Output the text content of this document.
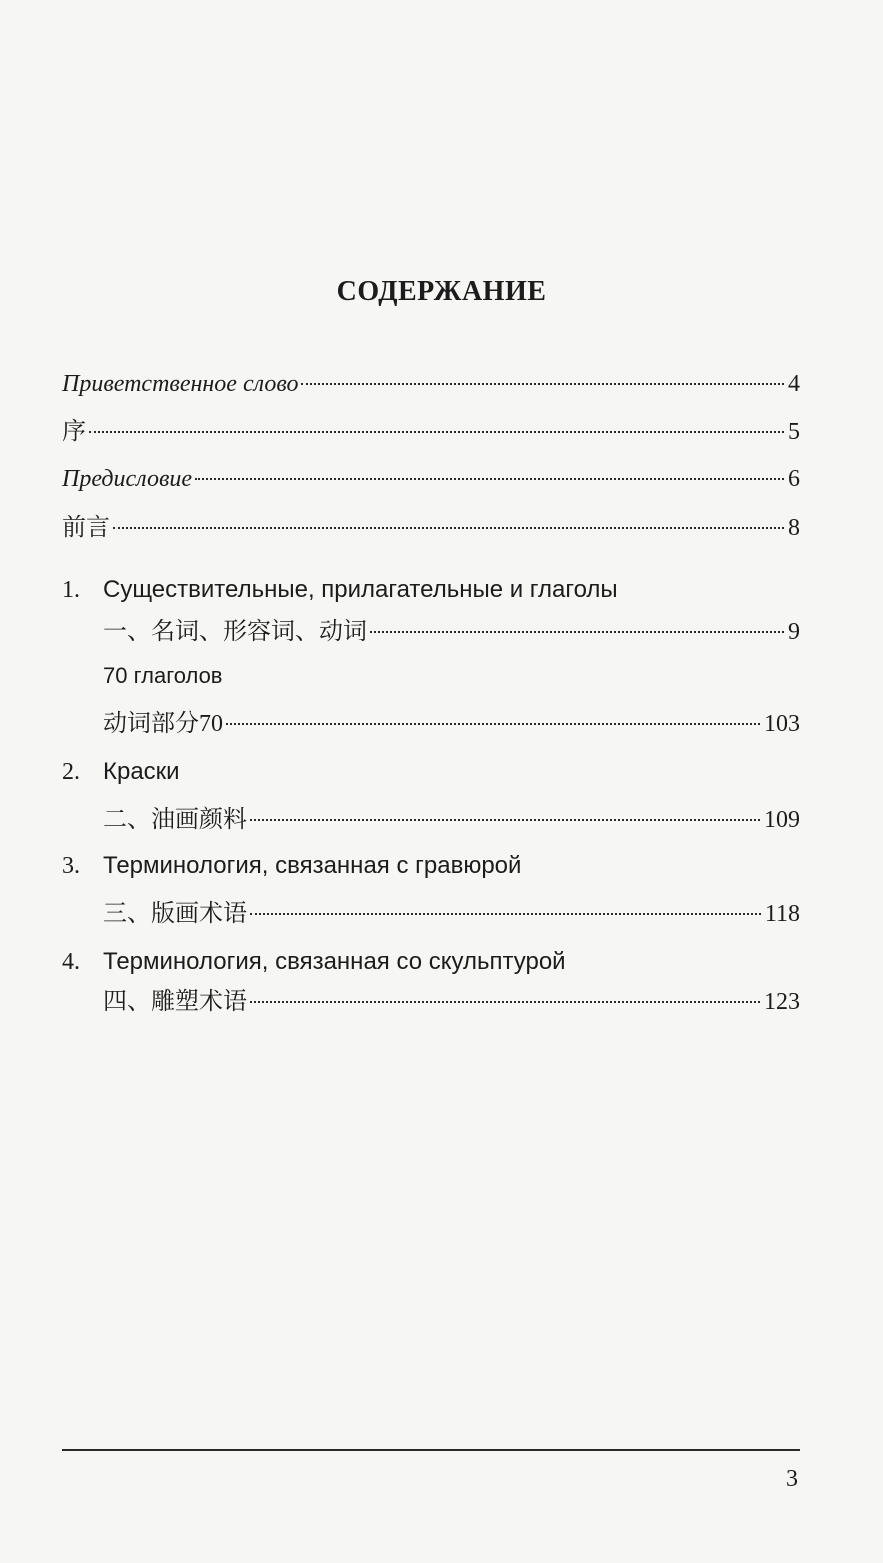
СОДЕРЖАНИЕ
Приветственное слово	4
序	5
Предисловие	6
前言	8
1. Существительные, прилагательные и глаголы
一、名词、形容词、动词	9
70 глаголов
动词部分70	103
2. Краски
二、油画颜料	109
3. Терминология, связанная с гравюрой
三、版画术语	118
4. Терминология, связанная со скульптурой
四、雕塑术语	123
3
